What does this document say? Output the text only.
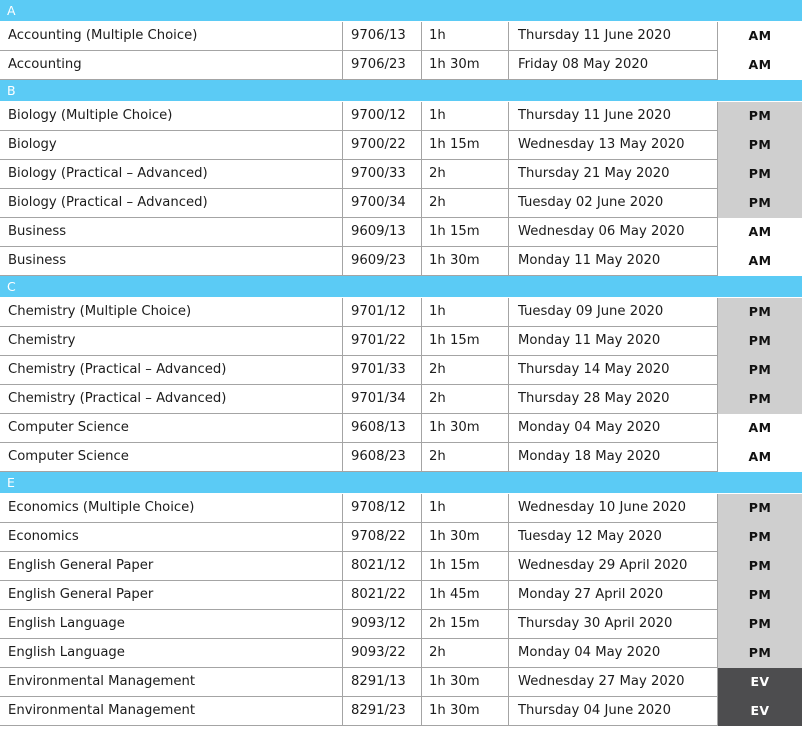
A
Accounting (Multiple Choice)	9706/13	1h	Thursday 11 June 2020	AM
Accounting	9706/23	1h 30m	Friday 08 May 2020	AM
B
Biology (Multiple Choice)	9700/12	1h	Thursday 11 June 2020	PM
Biology	9700/22	1h 15m	Wednesday 13 May 2020	PM
Biology (Practical – Advanced)	9700/33	2h	Thursday 21 May 2020	PM
Biology (Practical – Advanced)	9700/34	2h	Tuesday 02 June 2020	PM
Business	9609/13	1h 15m	Wednesday 06 May 2020	AM
Business	9609/23	1h 30m	Monday 11 May 2020	AM
C
Chemistry (Multiple Choice)	9701/12	1h	Tuesday 09 June 2020	PM
Chemistry	9701/22	1h 15m	Monday 11 May 2020	PM
Chemistry (Practical – Advanced)	9701/33	2h	Thursday 14 May 2020	PM
Chemistry (Practical – Advanced)	9701/34	2h	Thursday 28 May 2020	PM
Computer Science	9608/13	1h 30m	Monday 04 May 2020	AM
Computer Science	9608/23	2h	Monday 18 May 2020	AM
E
Economics (Multiple Choice)	9708/12	1h	Wednesday 10 June 2020	PM
Economics	9708/22	1h 30m	Tuesday 12 May 2020	PM
English General Paper	8021/12	1h 15m	Wednesday 29 April 2020	PM
English General Paper	8021/22	1h 45m	Monday 27 April 2020	PM
English Language	9093/12	2h 15m	Thursday 30 April 2020	PM
English Language	9093/22	2h	Monday 04 May 2020	PM
Environmental Management	8291/13	1h 30m	Wednesday 27 May 2020	EV
Environmental Management	8291/23	1h 30m	Thursday 04 June 2020	EV
